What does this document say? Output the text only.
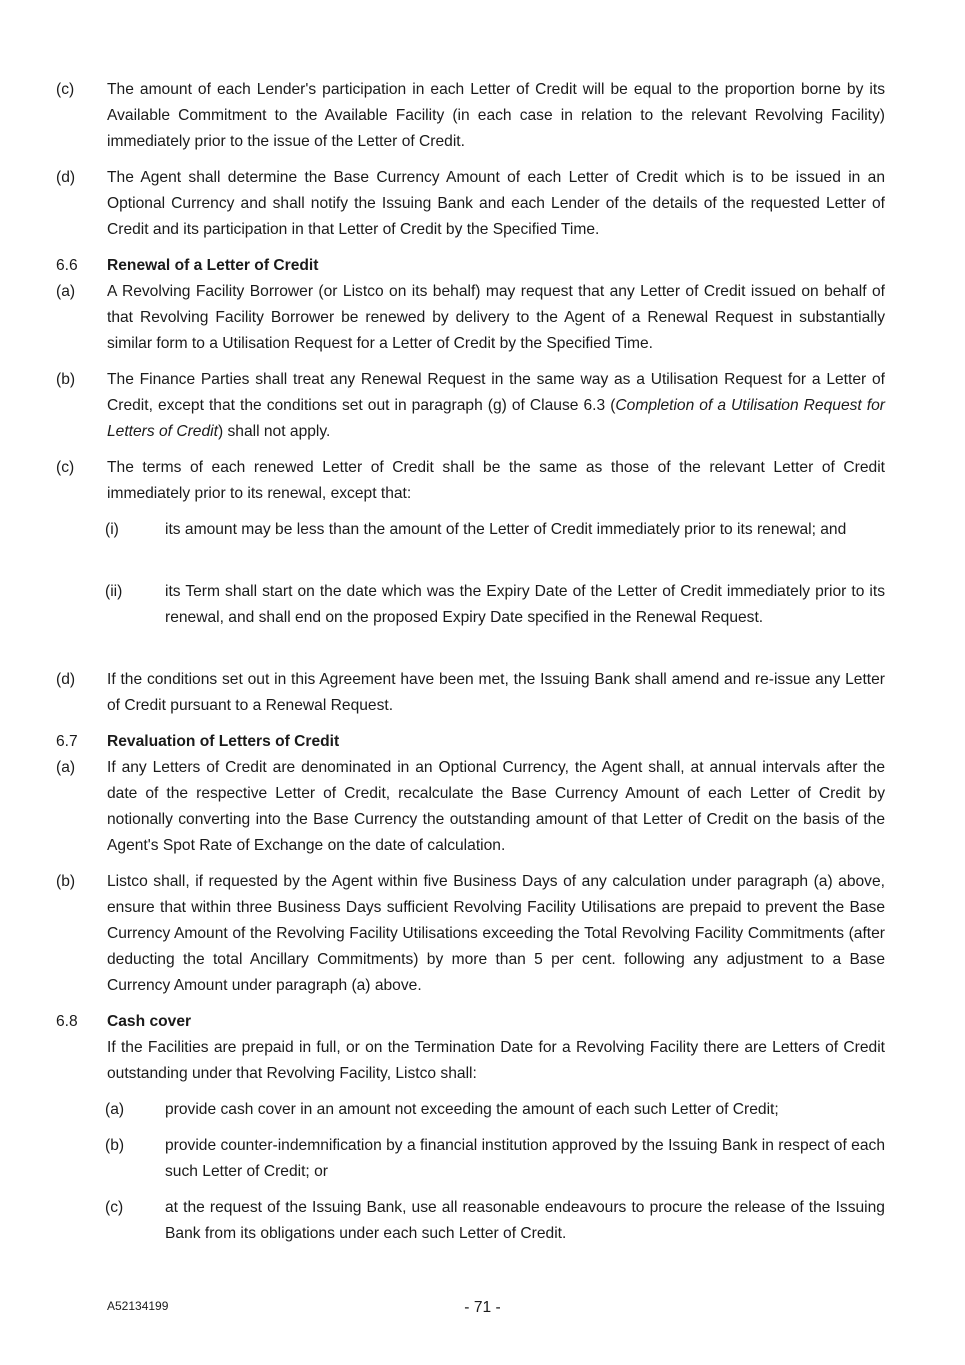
(c) The amount of each Lender's participation in each Letter of Credit will be equal to the proportion borne by its Available Commitment to the Available Facility (in each case in relation to the relevant Revolving Facility) immediately prior to the issue of the Letter of Credit.
(d) The Agent shall determine the Base Currency Amount of each Letter of Credit which is to be issued in an Optional Currency and shall notify the Issuing Bank and each Lender of the details of the requested Letter of Credit and its participation in that Letter of Credit by the Specified Time.
6.6 Renewal of a Letter of Credit
(a) A Revolving Facility Borrower (or Listco on its behalf) may request that any Letter of Credit issued on behalf of that Revolving Facility Borrower be renewed by delivery to the Agent of a Renewal Request in substantially similar form to a Utilisation Request for a Letter of Credit by the Specified Time.
(b) The Finance Parties shall treat any Renewal Request in the same way as a Utilisation Request for a Letter of Credit, except that the conditions set out in paragraph (g) of Clause 6.3 (Completion of a Utilisation Request for Letters of Credit) shall not apply.
(c) The terms of each renewed Letter of Credit shall be the same as those of the relevant Letter of Credit immediately prior to its renewal, except that:
(i)	its amount may be less than the amount of the Letter of Credit immediately prior to its renewal; and
(ii)	its Term shall start on the date which was the Expiry Date of the Letter of Credit immediately prior to its renewal, and shall end on the proposed Expiry Date specified in the Renewal Request.
(d) If the conditions set out in this Agreement have been met, the Issuing Bank shall amend and re-issue any Letter of Credit pursuant to a Renewal Request.
6.7 Revaluation of Letters of Credit
(a) If any Letters of Credit are denominated in an Optional Currency, the Agent shall, at annual intervals after the date of the respective Letter of Credit, recalculate the Base Currency Amount of each Letter of Credit by notionally converting into the Base Currency the outstanding amount of that Letter of Credit on the basis of the Agent's Spot Rate of Exchange on the date of calculation.
(b) Listco shall, if requested by the Agent within five Business Days of any calculation under paragraph (a) above, ensure that within three Business Days sufficient Revolving Facility Utilisations are prepaid to prevent the Base Currency Amount of the Revolving Facility Utilisations exceeding the Total Revolving Facility Commitments (after deducting the total Ancillary Commitments) by more than 5 per cent. following any adjustment to a Base Currency Amount under paragraph (a) above.
6.8 Cash cover
If the Facilities are prepaid in full, or on the Termination Date for a Revolving Facility there are Letters of Credit outstanding under that Revolving Facility, Listco shall:
(a)	provide cash cover in an amount not exceeding the amount of each such Letter of Credit;
(b)	provide counter-indemnification by a financial institution approved by the Issuing Bank in respect of each such Letter of Credit; or
(c)	at the request of the Issuing Bank, use all reasonable endeavours to procure the release of the Issuing Bank from its obligations under each such Letter of Credit.
A52134199	- 71 -
